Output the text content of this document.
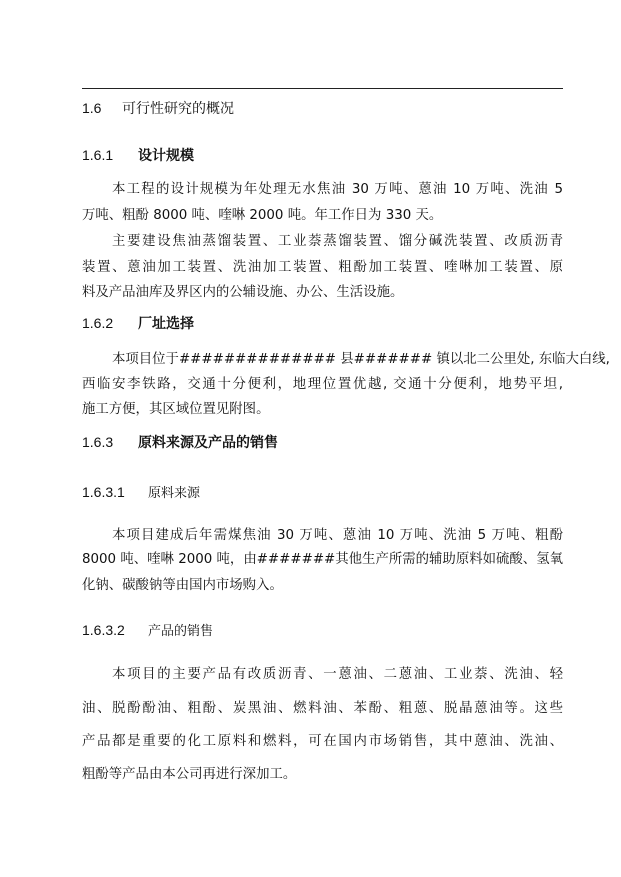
1.6 可行性研究的概况
1.6.1 设计规模
本工程的设计规模为年处理无水焦油 30 万吨、蒽油 10 万吨、洗油 5
万吨、粗酚 8000 吨、喹啉 2000 吨。年工作日为 330 天。
主要建设焦油蒸馏装置、工业萘蒸馏装置、馏分碱洗装置、改质沥青
装置、蒽油加工装置、洗油加工装置、粗酚加工装置、喹啉加工装置、原
料及产品油库及界区内的公辅设施、办公、生活设施。
1.6.2 厂址选择
本项目位于############## 县####### 镇以北二公里处, 东临大白线,
西临安李铁路，交通十分便利，地理位置优越, 交通十分便利，地势平坦,
施工方便，其区域位置见附图。
1.6.3 原料来源及产品的销售
1.6.3.1 原料来源
本项目建成后年需煤焦油 30 万吨、蒽油 10 万吨、洗油 5 万吨、粗酚
8000 吨、喹啉 2000 吨，由#######其他生产所需的辅助原料如硫酸、氢氧
化钠、碳酸钠等由国内市场购入。
1.6.3.2 产品的销售
本项目的主要产品有改质沥青、一蒽油、二蒽油、工业萘、洗油、轻
油、脱酚酚油、粗酚、炭黑油、燃料油、苯酚、粗蒽、脱晶蒽油等。这些
产品都是重要的化工原料和燃料，可在国内市场销售，其中蒽油、洗油、
粗酚等产品由本公司再进行深加工。
